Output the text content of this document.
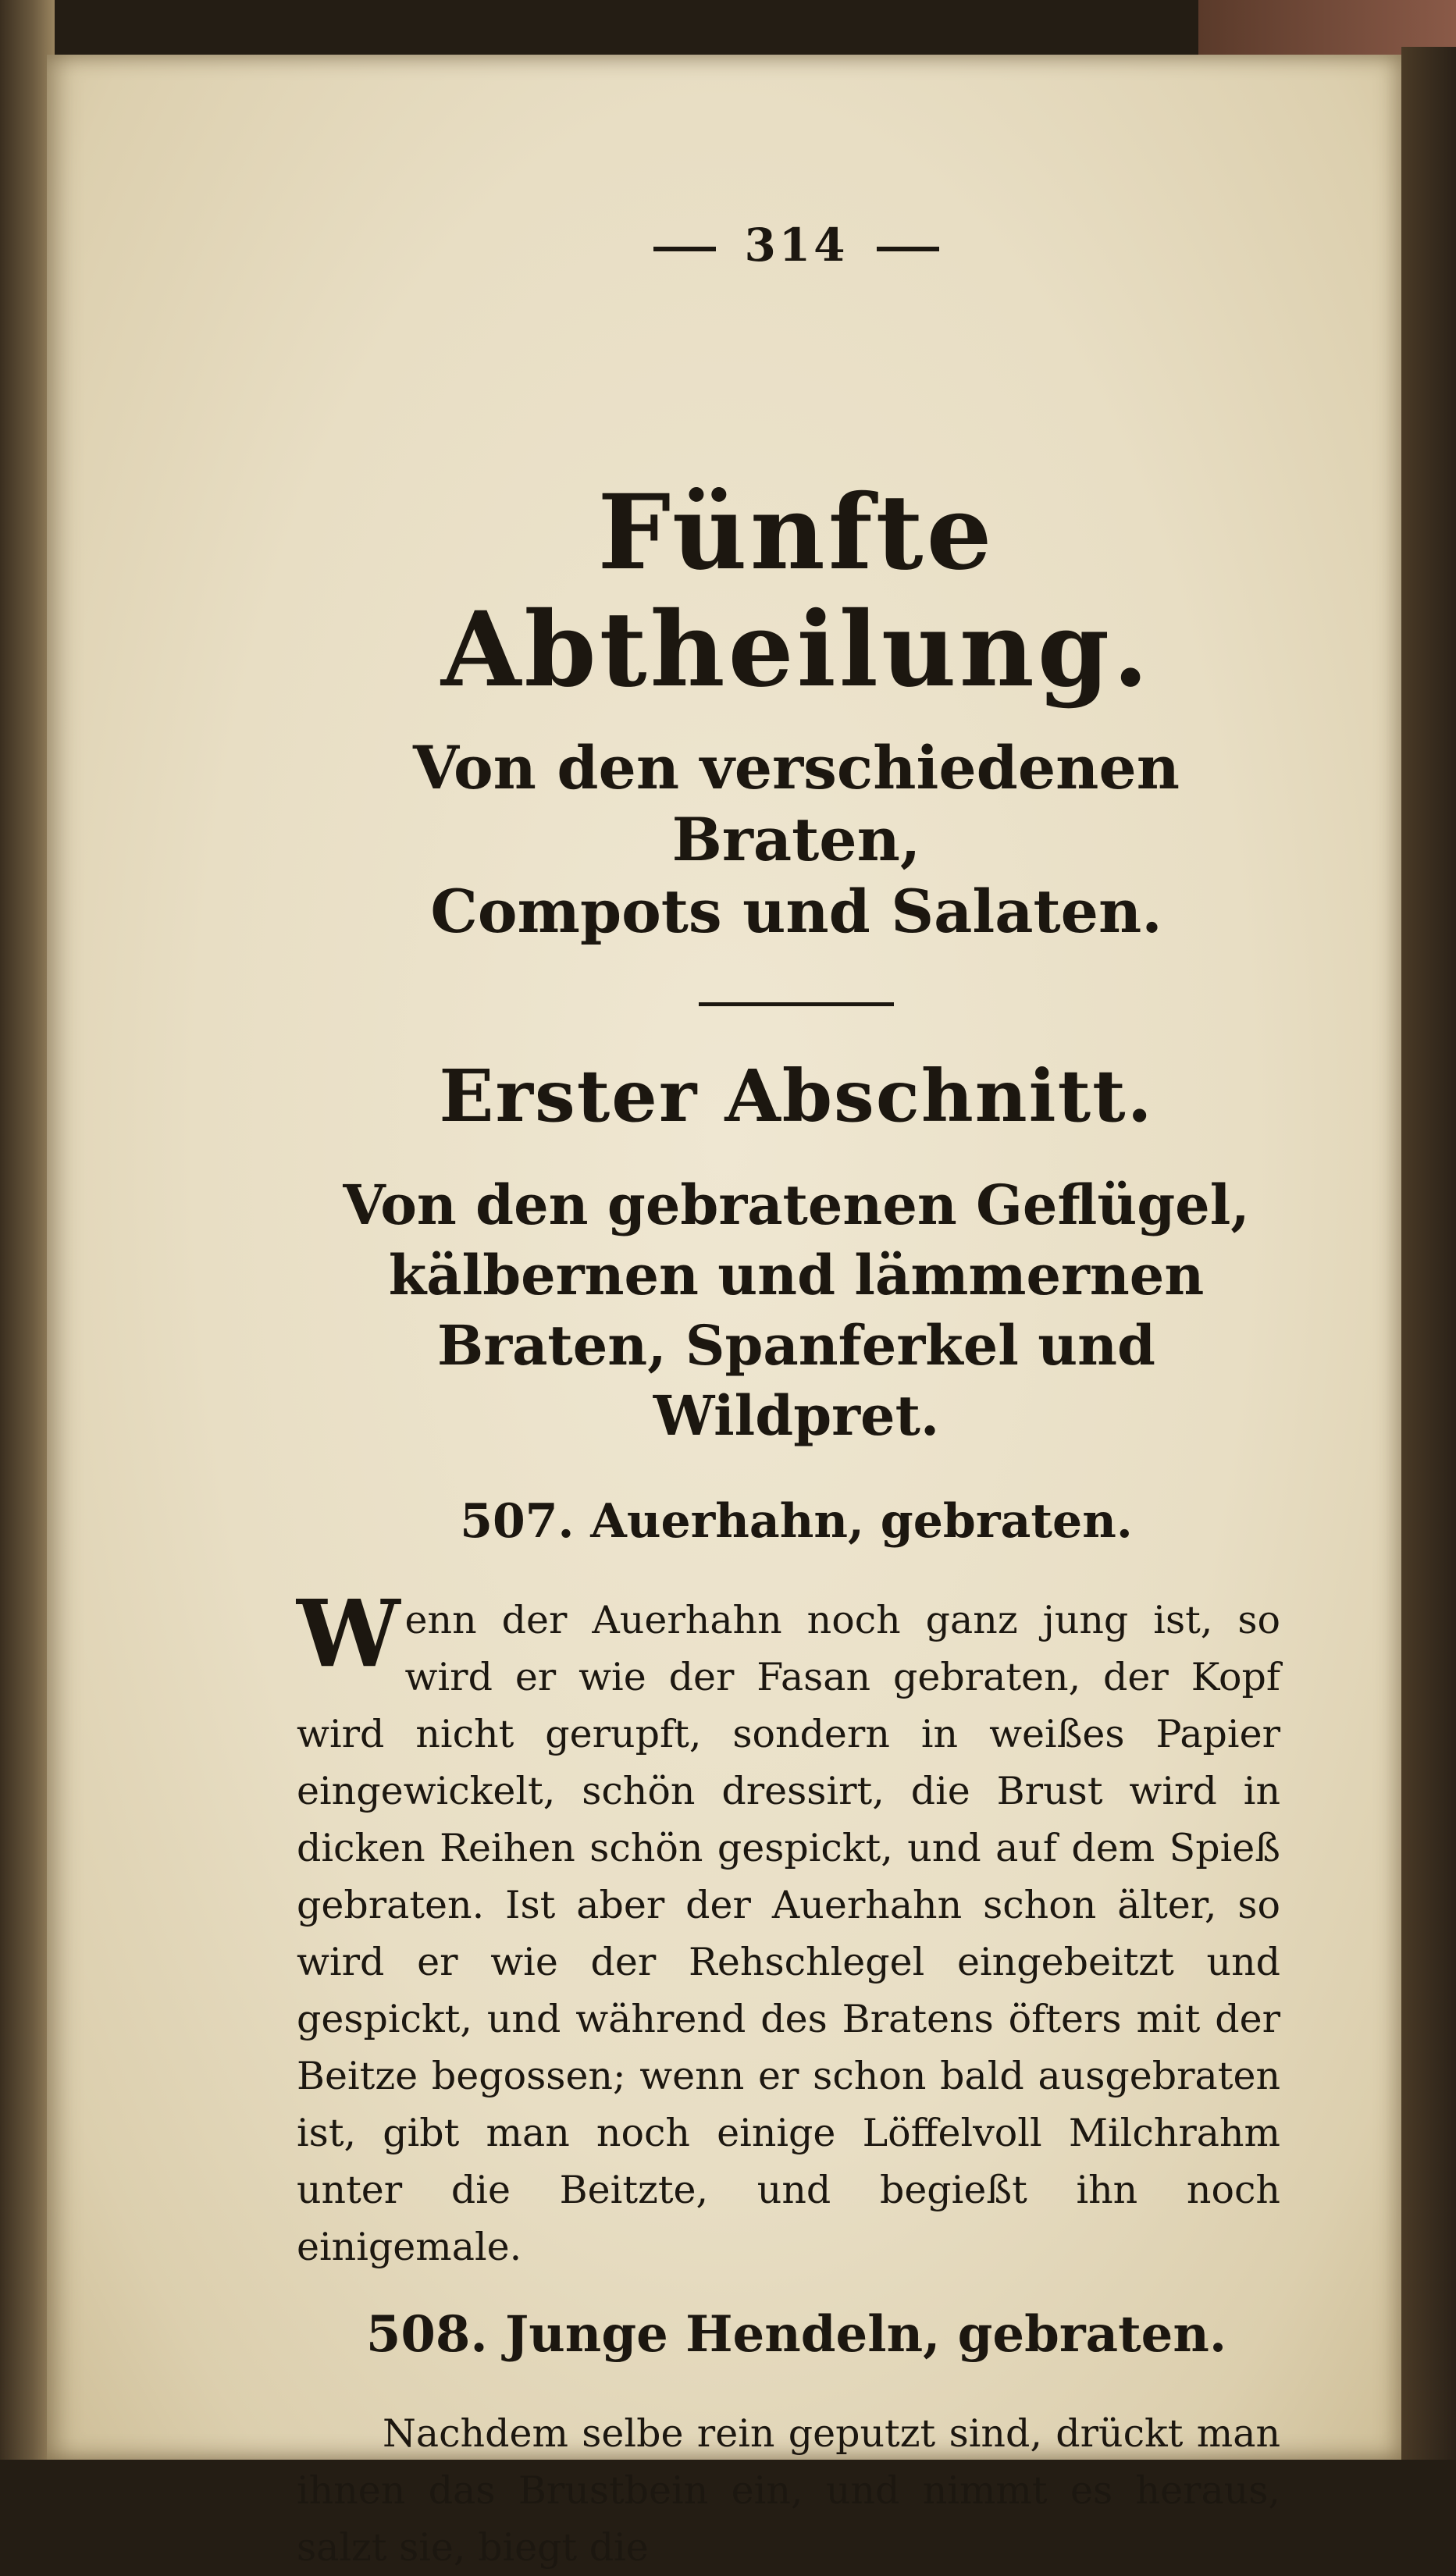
314
Fünfte Abtheilung.

Von den verschiedenen Braten,

Compots und Salaten.

Erster Abschnitt.

Von den gebratenen Geflügel, kälbernen und lämmernen Braten, Spanferkel und Wildpret.

507. Auerhahn, gebraten.

Wenn der Auerhahn noch ganz jung ist, so wird er wie der Fasan gebraten, der Kopf wird nicht gerupft, sondern in weißes Papier eingewickelt, schön dressirt, die Brust wird in dicken Reihen schön gespickt, und auf dem Spieß gebraten. Ist aber der Auerhahn schon älter, so wird er wie der Rehschlegel eingebeitzt und gespickt, und während des Bratens öfters mit der Beitze begossen; wenn er schon bald ausgebraten ist, gibt man noch einige Löffelvoll Milchrahm unter die Beitzte, und begießt ihn noch einigemale.

508. Junge Hendeln, gebraten.

Nachdem selbe rein geputzt sind, drückt man ihnen das Brustbein ein, und nimmt es heraus, salzt sie, biegt die
